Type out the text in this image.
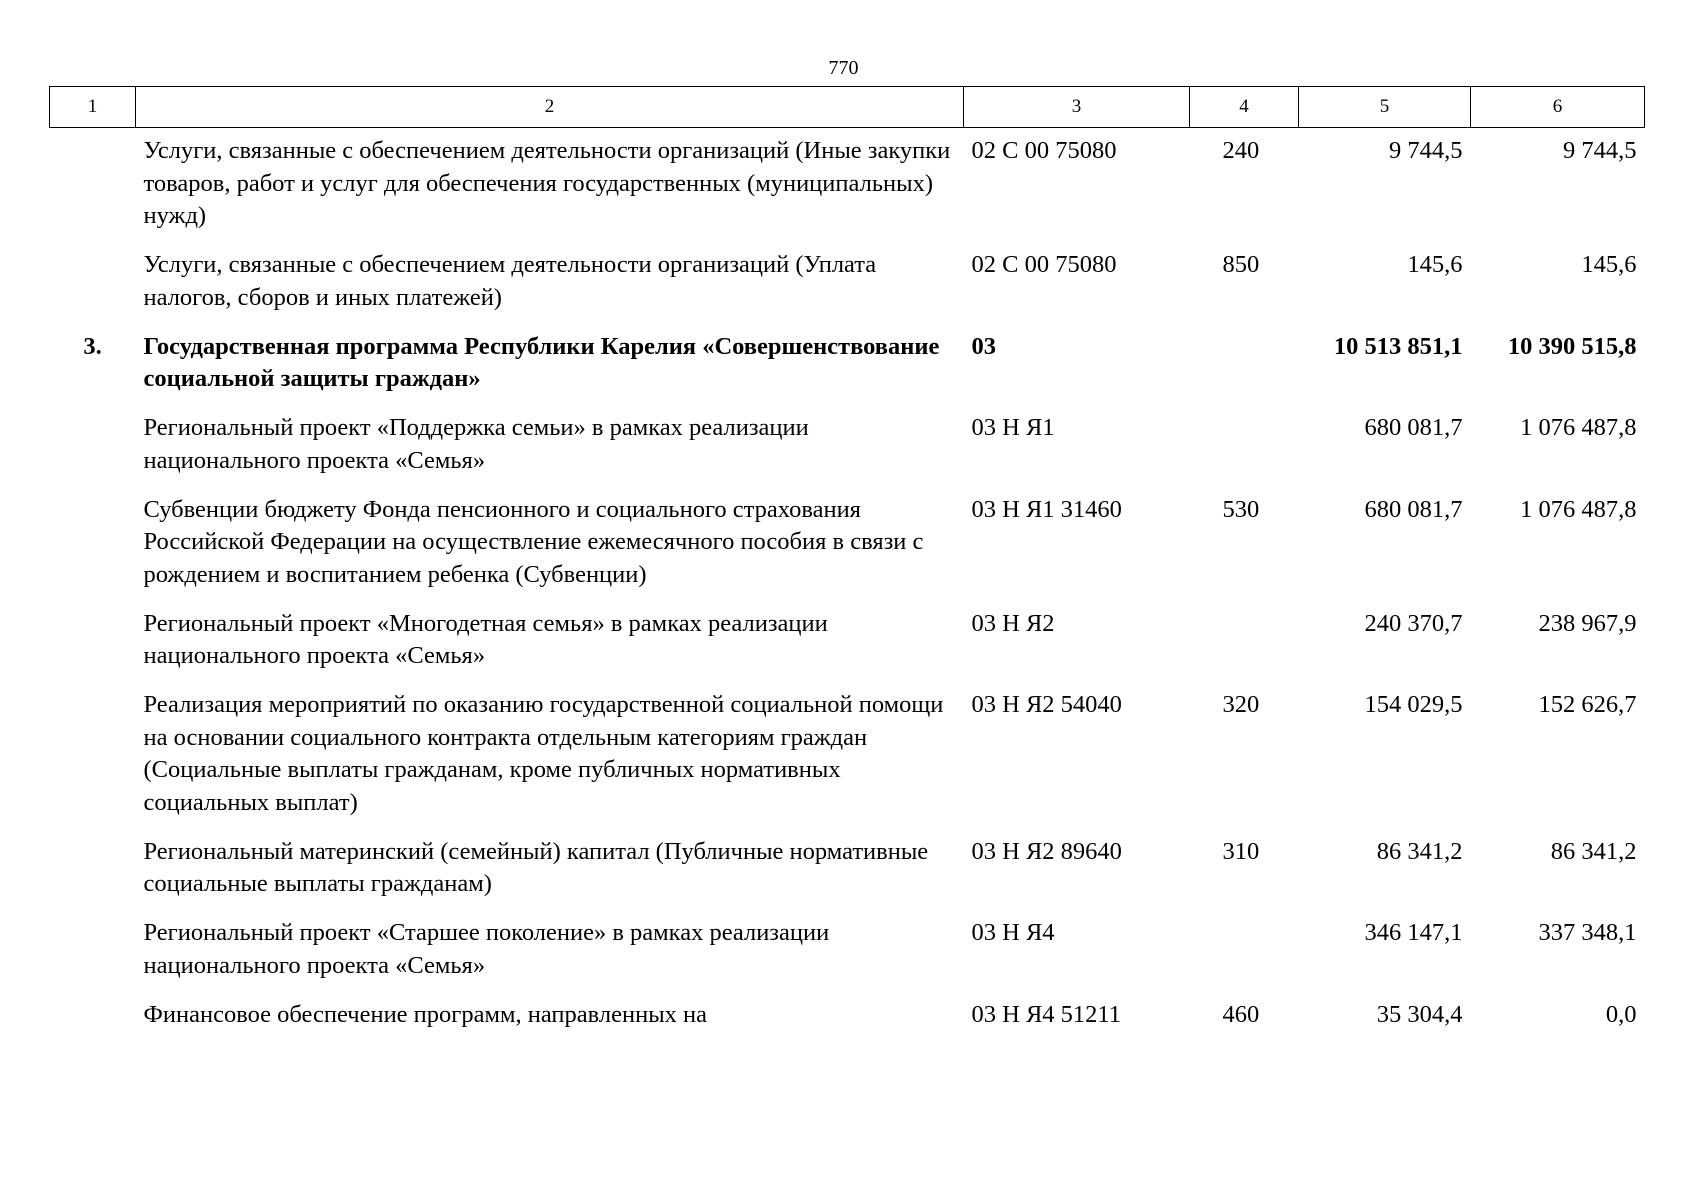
770
1	2	3	4	5	6
	Услуги, связанные с обеспечением деятельности организаций (Иные закупки товаров, работ и услуг для обеспечения государственных (муниципальных) нужд)	02 С 00 75080	240	9 744,5	9 744,5
	Услуги, связанные с обеспечением деятельности организаций (Уплата налогов, сборов и иных платежей)	02 С 00 75080	850	145,6	145,6
3.	Государственная программа Республики Карелия «Совершенствование социальной защиты граждан»	03		10 513 851,1	10 390 515,8
	Региональный проект «Поддержка семьи» в рамках реализации национального проекта «Семья»	03 Н Я1		680 081,7	1 076 487,8
	Субвенции бюджету Фонда пенсионного и социального страхования Российской Федерации на осуществление ежемесячного пособия в связи с рождением и воспитанием ребенка (Субвенции)	03 Н Я1 31460	530	680 081,7	1 076 487,8
	Региональный проект «Многодетная семья» в рамках реализации национального проекта «Семья»	03 Н Я2		240 370,7	238 967,9
	Реализация мероприятий по оказанию государственной социальной помощи на основании социального контракта отдельным категориям граждан (Социальные выплаты гражданам, кроме публичных нормативных социальных выплат)	03 Н Я2 54040	320	154 029,5	152 626,7
	Региональный материнский (семейный) капитал (Публичные нормативные социальные выплаты гражданам)	03 Н Я2 89640	310	86 341,2	86 341,2
	Региональный проект «Старшее поколение» в рамках реализации национального проекта «Семья»	03 Н Я4		346 147,1	337 348,1
	Финансовое обеспечение программ, направленных на	03 Н Я4 51211	460	35 304,4	0,0
